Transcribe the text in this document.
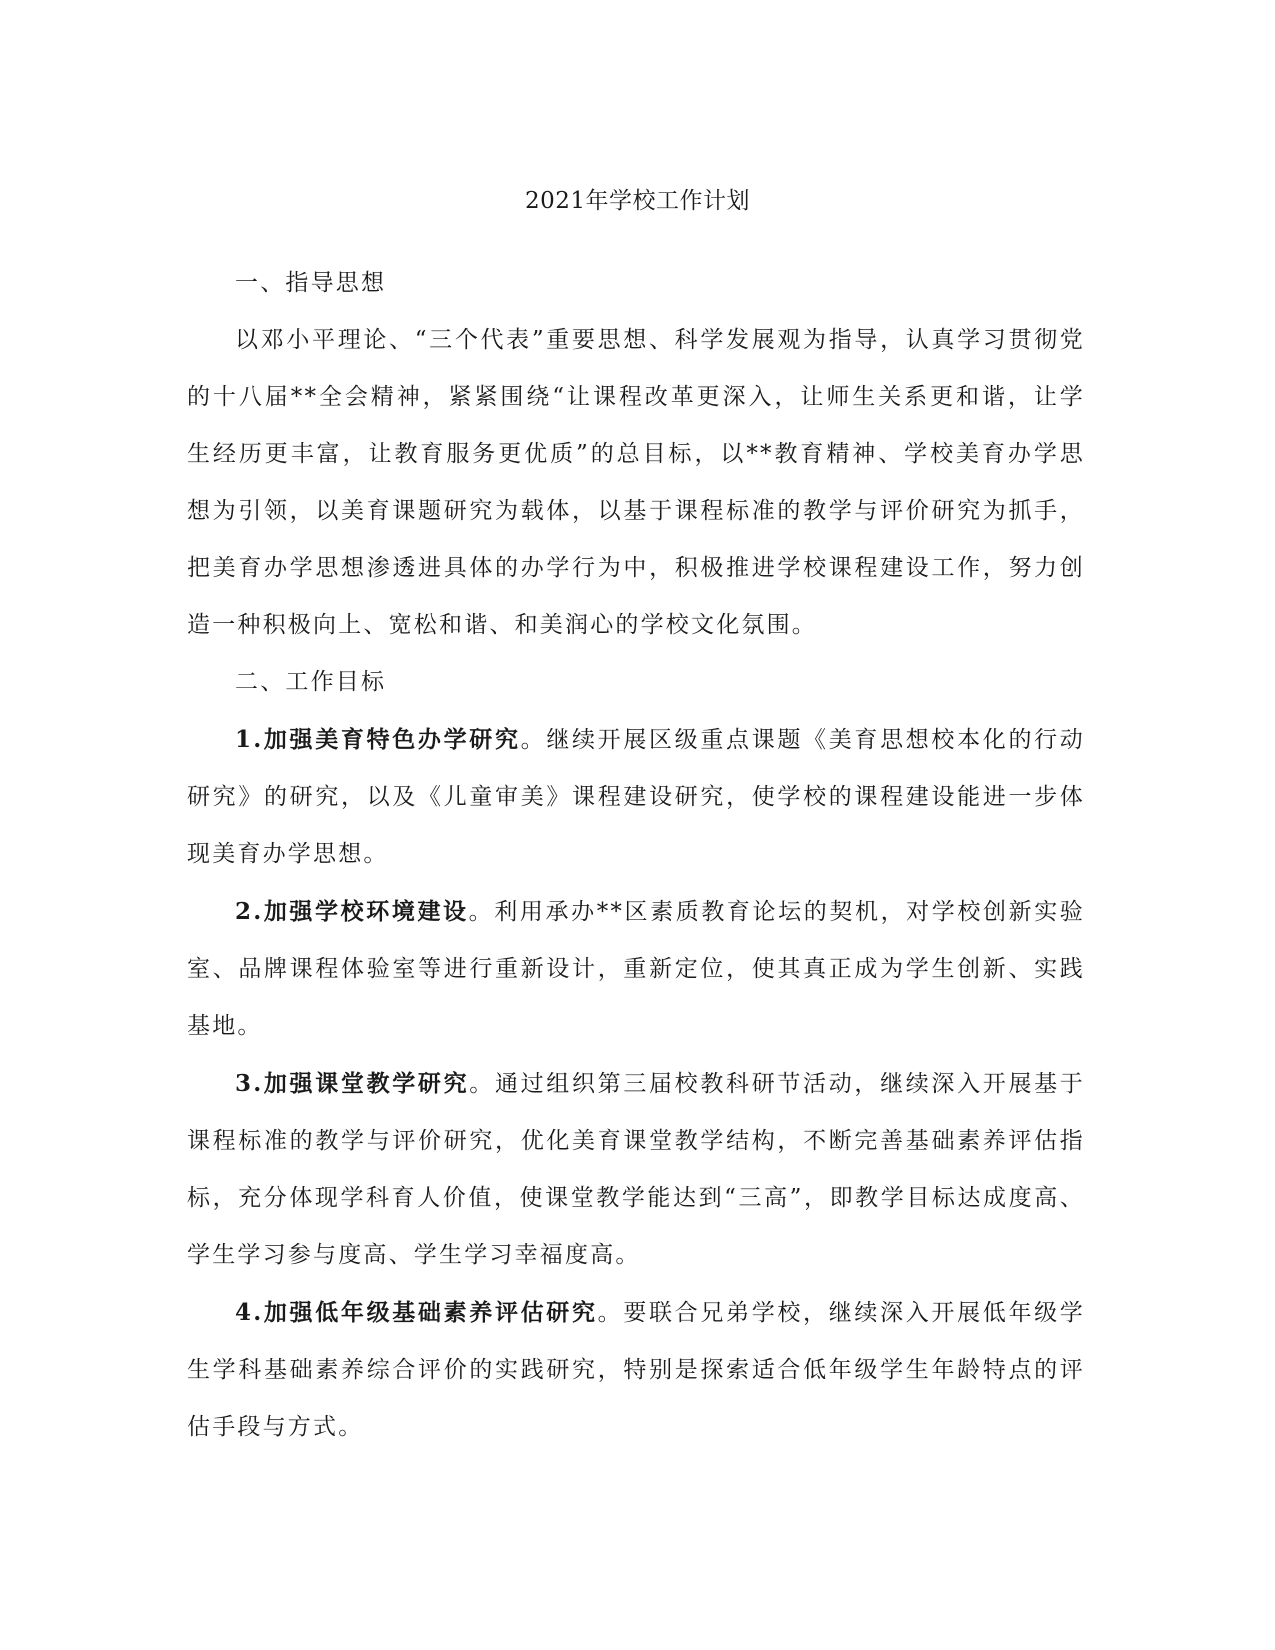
2021年学校工作计划

一、指导思想

以邓小平理论、“三个代表”重要思想、科学发展观为指导，认真学习贯彻党的十八届**全会精神，紧紧围绕“让课程改革更深入，让师生关系更和谐，让学生经历更丰富，让教育服务更优质”的总目标，以**教育精神、学校美育办学思想为引领，以美育课题研究为载体，以基于课程标准的教学与评价研究为抓手，把美育办学思想渗透进具体的办学行为中，积极推进学校课程建设工作，努力创造一种积极向上、宽松和谐、和美润心的学校文化氛围。

二、工作目标

1.加强美育特色办学研究。继续开展区级重点课题《美育思想校本化的行动研究》的研究，以及《儿童审美》课程建设研究，使学校的课程建设能进一步体现美育办学思想。

2.加强学校环境建设。利用承办**区素质教育论坛的契机，对学校创新实验室、品牌课程体验室等进行重新设计，重新定位，使其真正成为学生创新、实践基地。

3.加强课堂教学研究。通过组织第三届校教科研节活动，继续深入开展基于课程标准的教学与评价研究，优化美育课堂教学结构，不断完善基础素养评估指标，充分体现学科育人价值，使课堂教学能达到“三高”，即教学目标达成度高、学生学习参与度高、学生学习幸福度高。

4.加强低年级基础素养评估研究。要联合兄弟学校，继续深入开展低年级学生学科基础素养综合评价的实践研究，特别是探索适合低年级学生年龄特点的评估手段与方式。
